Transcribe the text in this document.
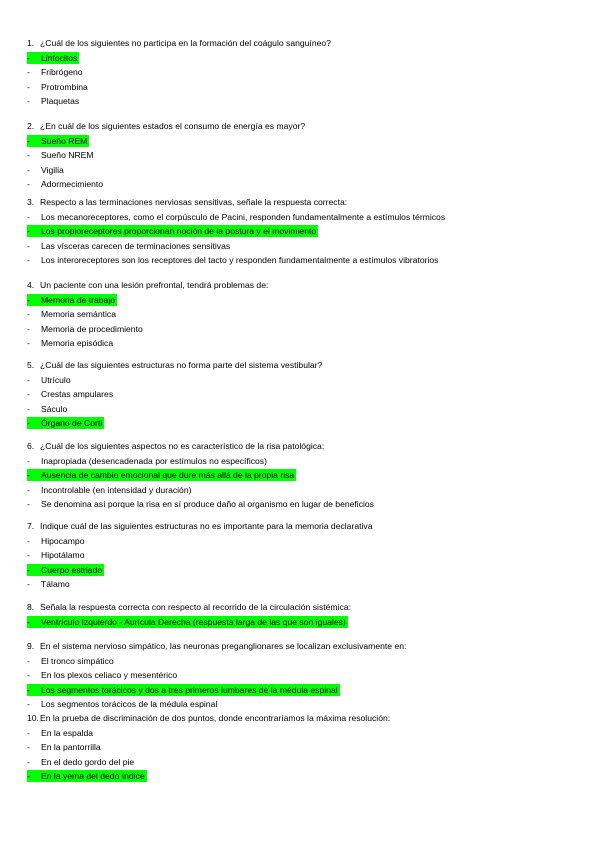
1. ¿Cuál de los siguientes no participa en la formación del coágulo sanguíneo?
- Linfocitos
- Fribrógeno
- Protrombina
- Plaquetas
2. ¿En cuál de los siguientes estados el consumo de energía es mayor?
- Sueño REM
- Sueño NREM
- Vigilia
- Adormecimiento
3. Respecto a las terminaciones nerviosas sensitivas, señale la respuesta correcta:
- Los mecanoreceptores, como el corpúsculo de Pacini, responden fundamentalmente a estímulos térmicos
- Los propioreceptores proporcionan noción de la postura y el movimiento
- Las vísceras carecen de terminaciones sensitivas
- Los interoreceptores son los receptores del tacto y responden fundamentalmente a estímulos vibratorios
4. Un paciente con una lesión prefrontal, tendrá problemas de:
- Memoria de trabajo
- Memoria semántica
- Memoria de procedimiento
- Memoria episódica
5. ¿Cuál de las siguientes estructuras no forma parte del sistema vestibular?
- Utrículo
- Crestas ampulares
- Sáculo
- Órgano de Corti
6. ¿Cuál de los siguientes aspectos no es característico de la risa patológica:
- Inapropiada (desencadenada por estímulos no específicos)
- Ausencia de cambio emocional que dure más allá de la propia risa
- Incontrolable (en intensidad y duración)
- Se denomina así porque la risa en sí produce daño al organismo en lugar de beneficios
7. Indique cuál de las siguientes estructuras no es importante para la memoria declarativa
- Hipocampo
- Hipotálamo
- Cuerpo estriado
- Tálamo
8. Señala la respuesta correcta con respecto al recorrido de la circulación sistémica:
- Ventrículo Izquierdo - Aurícula Derecha (respuesta larga de las que son iguales)
9. En el sistema nervioso simpático, las neuronas preganglionares se localizan exclusivamente en:
- El tronco simpático
- En los plexos celiaco y mesentérico
- Los segmentos torácicos y dos a tres primeros lumbares de la médula espinal
- Los segmentos torácicos de la médula espinal
10.En la prueba de discriminación de dos puntos, donde encontraríamos la máxima resolución:
- En la espalda
- En la pantorrilla
- En el dedo gordo del pie
- En la yema del dedo índice
